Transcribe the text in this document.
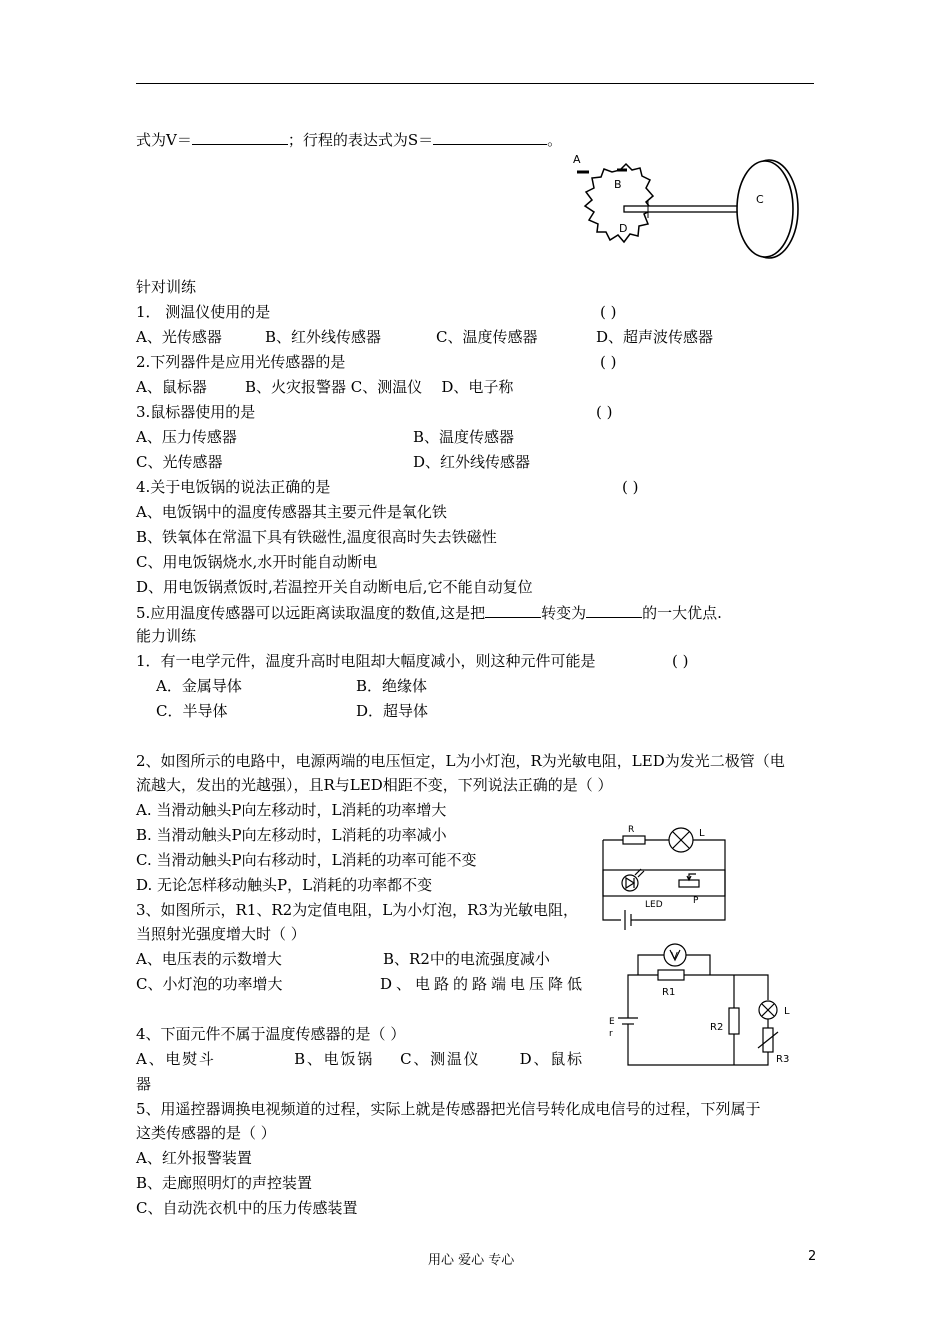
式为V＝	；行程的表达式为S＝	。
A
B
C
D
针对训练
1． 测温仪使用的是	( )
A、光传感器	B、红外线传感器	C、温度传感器	D、超声波传感器
2.下列器件是应用光传感器的是	( )
A、鼠标器        B、火灾报警器 C、测温仪    D、电子称
3.鼠标器使用的是	( )
A、压力传感器	B、温度传感器
C、光传感器	D、红外线传感器
4.关于电饭锅的说法正确的是	( )
A、电饭锅中的温度传感器其主要元件是氧化铁
B、铁氧体在常温下具有铁磁性,温度很高时失去铁磁性
C、用电饭锅烧水,水开时能自动断电
D、用电饭锅煮饭时,若温控开关自动断电后,它不能自动复位
5.应用温度传感器可以远距离读取温度的数值,这是把	转变为	的一大优点.
能力训练
1．有一电学元件，温度升高时电阻却大幅度减小，则这种元件可能是	( )
A．金属导体	B．绝缘体
C．半导体	D．超导体
2、如图所示的电路中，电源两端的电压恒定，L为小灯泡，R为光敏电阻，LED为发光二极管（电
流越大，发出的光越强），且R与LED相距不变，下列说法正确的是（ ）
A. 当滑动触头P向左移动时，L消耗的功率增大
B. 当滑动触头P向左移动时，L消耗的功率减小
C. 当滑动触头P向右移动时，L消耗的功率可能不变
D. 无论怎样移动触头P，L消耗的功率都不变
R	L
LED	P
3、如图所示，R1、R2为定值电阻，L为小灯泡，R3为光敏电阻，
当照射光强度增大时（ ）
A、电压表的示数增大	B、R2中的电流强度减小
C、小灯泡的功率增大	D、电路的路端电压降低
V
R1
R2
R3
L
E
r
4、下面元件不属于温度传感器的是（ ）
A、电熨斗            B、电饭锅    C、测温仪      D、鼠标
器
5、用遥控器调换电视频道的过程，实际上就是传感器把光信号转化成电信号的过程，下列属于
这类传感器的是（ ）
A、红外报警装置
B、走廊照明灯的声控装置
C、自动洗衣机中的压力传感装置
用心 爱心 专心	2
